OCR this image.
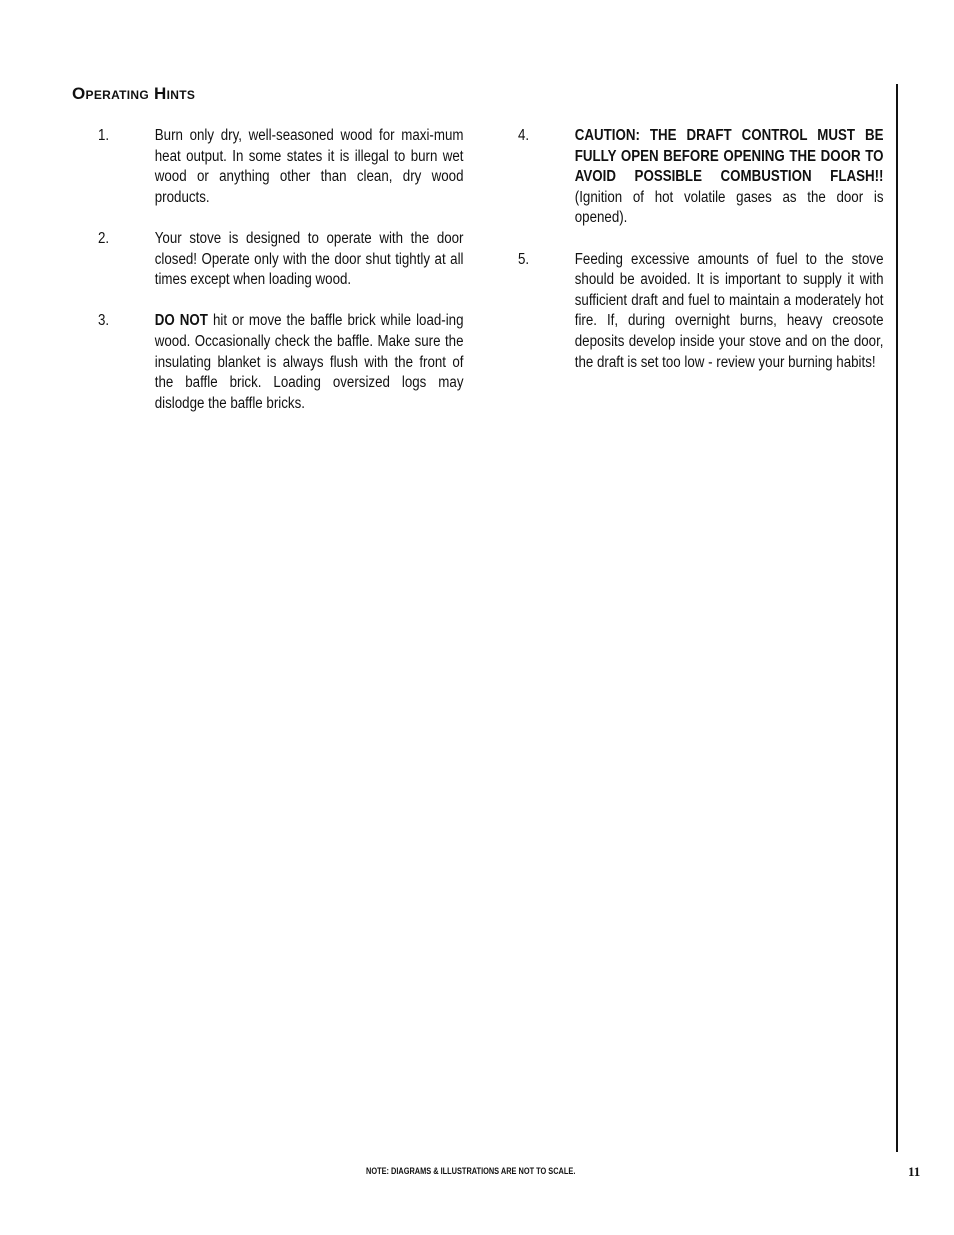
Operating Hints
1.	Burn only dry, well-seasoned wood for maxi-mum heat output. In some states it is illegal to burn wet wood or anything other than clean, dry wood products.
2.	Your stove is designed to operate with the door closed! Operate only with the door shut tightly at all times except when loading wood.
3.	DO NOT hit or move the baffle brick while load-ing wood. Occasionally check the baffle. Make sure the insulating blanket is always flush with the front of the baffle brick. Loading oversized logs may dislodge the baffle bricks.
4.	CAUTION: THE DRAFT CONTROL MUST BE FULLY OPEN BEFORE OPENING THE DOOR TO AVOID POSSIBLE COMBUSTION FLASH!! (Ignition of hot volatile gases as the door is opened).
5.	Feeding excessive amounts of fuel to the stove should be avoided. It is important to supply it with sufficient draft and fuel to maintain a moderately hot fire. If, during overnight burns, heavy creosote deposits develop inside your stove and on the door, the draft is set too low - review your burning habits!
NOTE: DIAGRAMS & ILLUSTRATIONS ARE NOT TO SCALE.	11
